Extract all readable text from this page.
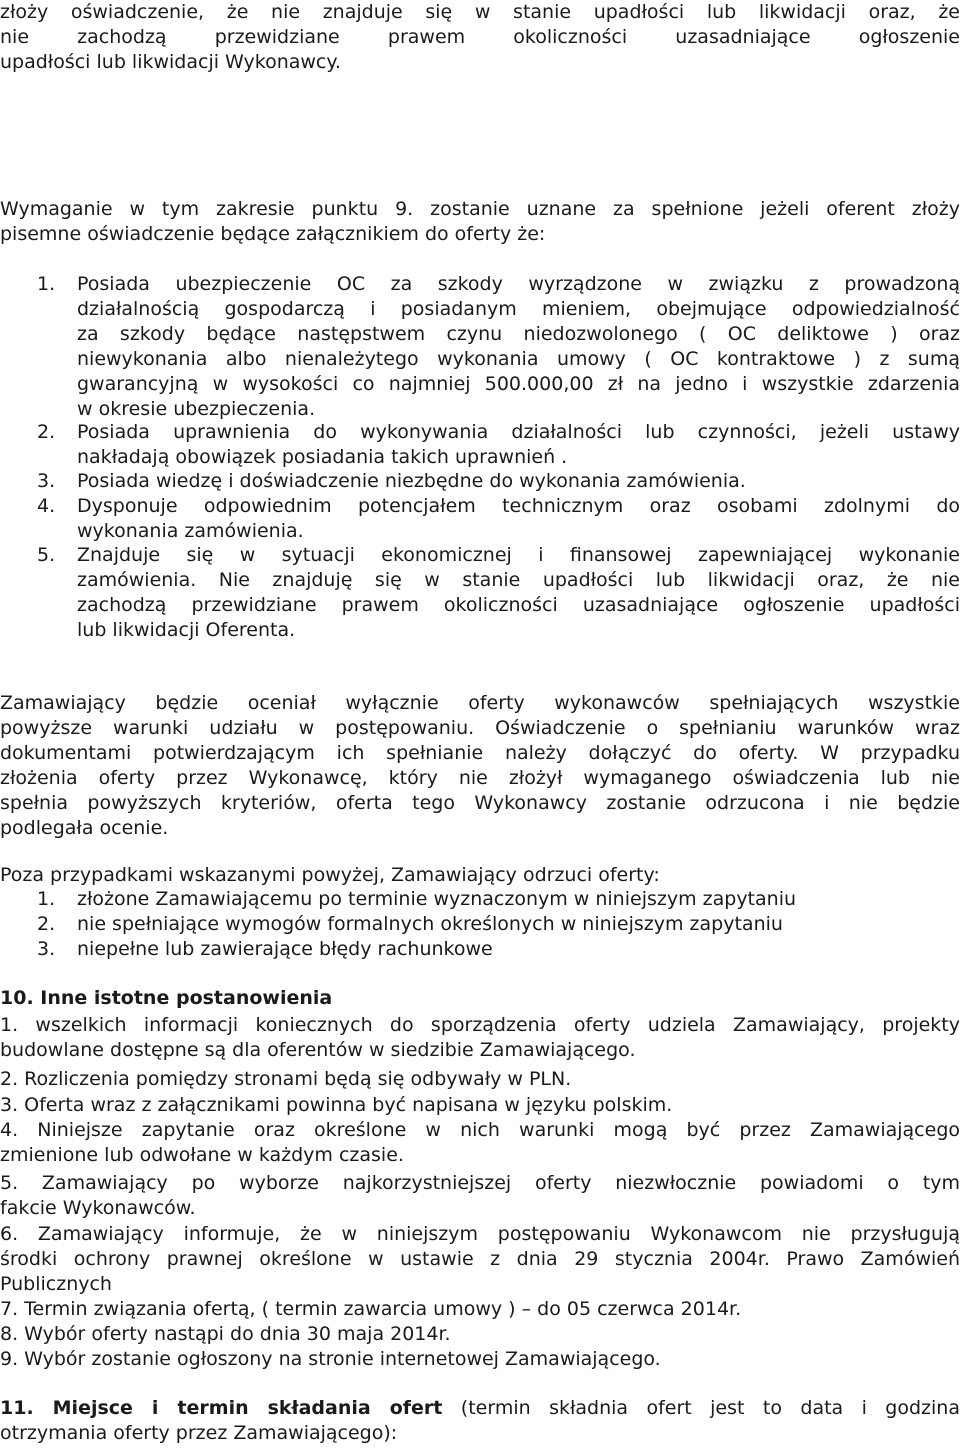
złoży oświadczenie, że nie znajduje się w stanie upadłości lub likwidacji oraz, że
nie zachodzą przewidziane prawem okoliczności uzasadniające ogłoszenie
upadłości lub likwidacji Wykonawcy.
Wymaganie w tym zakresie punktu 9. zostanie uznane za spełnione jeżeli oferent złoży
pisemne oświadczenie będące załącznikiem do oferty że:
1. Posiada ubezpieczenie OC za szkody wyrządzone w związku z prowadzoną
działalnością gospodarczą i posiadanym mieniem, obejmujące odpowiedzialność
za szkody będące następstwem czynu niedozwolonego ( OC deliktowe ) oraz
niewykonania albo nienależytego wykonania umowy ( OC kontraktowe ) z sumą
gwarancyjną w wysokości co najmniej 500.000,00 zł na jedno i wszystkie zdarzenia
w okresie ubezpieczenia.
2. Posiada uprawnienia do wykonywania działalności lub czynności, jeżeli ustawy
nakładają obowiązek posiadania takich uprawnień .
3. Posiada wiedzę i doświadczenie niezbędne do wykonania zamówienia.
4. Dysponuje odpowiednim potencjałem technicznym oraz osobami zdolnymi do
wykonania zamówienia.
5. Znajduje się w sytuacji ekonomicznej i finansowej zapewniającej wykonanie
zamówienia. Nie znajduję się w stanie upadłości lub likwidacji oraz, że nie
zachodzą przewidziane prawem okoliczności uzasadniające ogłoszenie upadłości
lub likwidacji Oferenta.
Zamawiający będzie oceniał wyłącznie oferty wykonawców spełniających wszystkie
powyższe warunki udziału w postępowaniu. Oświadczenie o spełnianiu warunków wraz
dokumentami potwierdzającym ich spełnianie należy dołączyć do oferty. W przypadku
złożenia oferty przez Wykonawcę, który nie złożył wymaganego oświadczenia lub nie
spełnia powyższych kryteriów, oferta tego Wykonawcy zostanie odrzucona i nie będzie
podlegała ocenie.
Poza przypadkami wskazanymi powyżej, Zamawiający odrzuci oferty:
1. złożone Zamawiającemu po terminie wyznaczonym w niniejszym zapytaniu
2. nie spełniające wymogów formalnych określonych w niniejszym zapytaniu
3. niepełne lub zawierające błędy rachunkowe
10. Inne istotne postanowienia
1. wszelkich informacji koniecznych do sporządzenia oferty udziela Zamawiający, projekty
budowlane dostępne są dla oferentów w siedzibie Zamawiającego.
2. Rozliczenia pomiędzy stronami będą się odbywały w PLN.
3. Oferta wraz z załącznikami powinna być napisana w języku polskim.
4. Niniejsze zapytanie oraz określone w nich warunki mogą być przez Zamawiającego
zmienione lub odwołane w każdym czasie.
5. Zamawiający po wyborze najkorzystniejszej oferty niezwłocznie powiadomi o tym
fakcie Wykonawców.
6. Zamawiający informuje, że w niniejszym postępowaniu Wykonawcom nie przysługują
środki ochrony prawnej określone w ustawie z dnia 29 stycznia 2004r. Prawo Zamówień
Publicznych
7. Termin związania ofertą, ( termin zawarcia umowy ) – do 05 czerwca 2014r.
8. Wybór oferty nastąpi do dnia 30 maja 2014r.
9. Wybór zostanie ogłoszony na stronie internetowej Zamawiającego.
11. Miejsce i termin składania ofert (termin składnia ofert jest to data i godzina
otrzymania oferty przez Zamawiającego):
